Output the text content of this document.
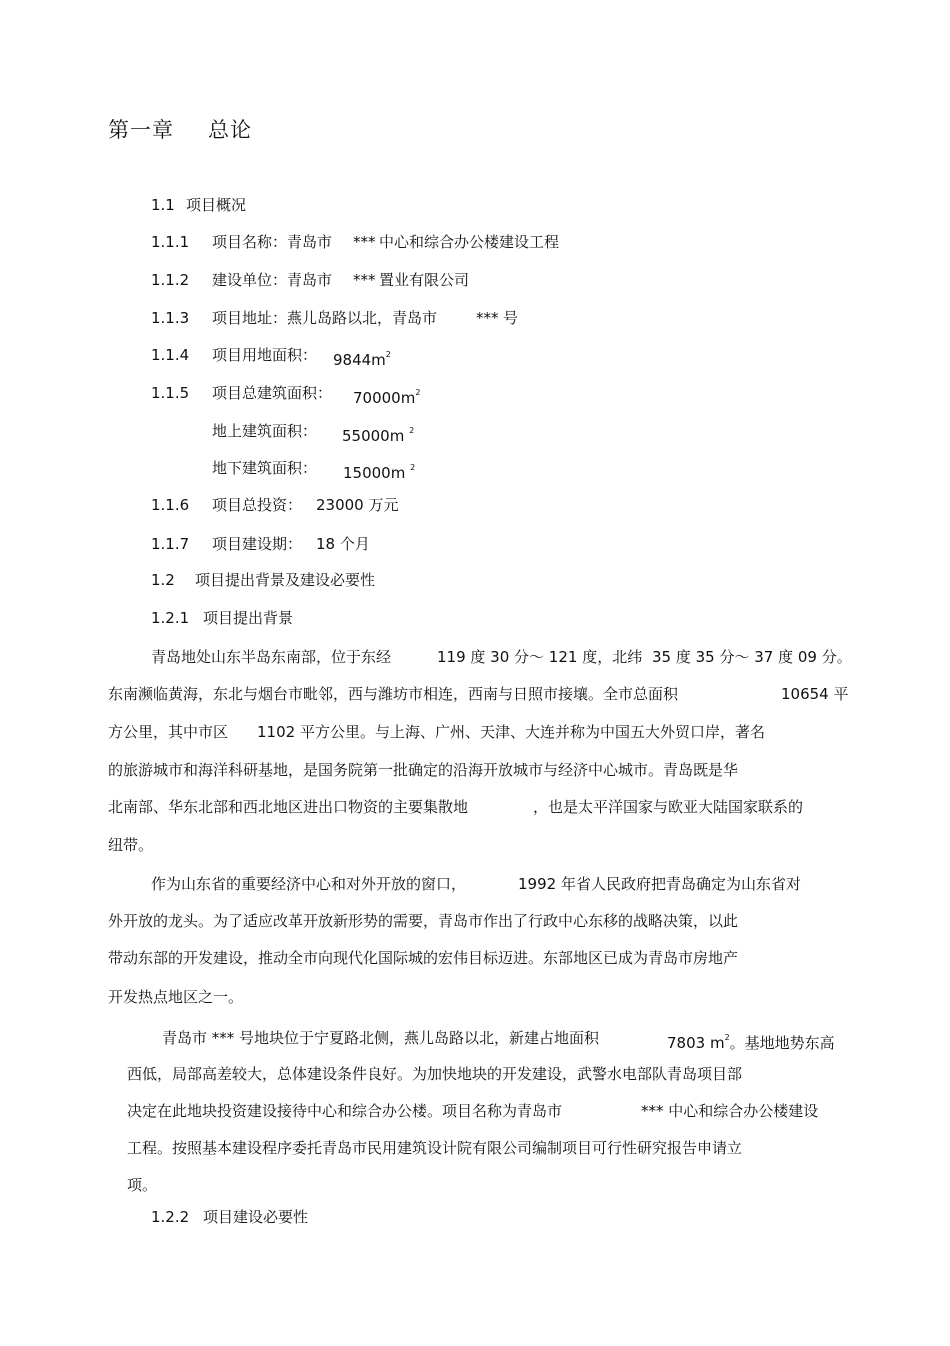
第一章 总论
1.1 项目概况
1.1.1 项目名称：青岛市 *** 中心和综合办公楼建设工程
1.1.2 建设单位：青岛市 *** 置业有限公司
1.1.3 项目地址：燕儿岛路以北，青岛市	*** 号
1.1.4 项目用地面积： $9844m^2$
1.1.5 项目总建筑面积： $70000m^2$
地上建筑面积： 55000m $^2$
地下建筑面积： 15000m $^2$
1.1.6 项目总投资： 23000 万元
1.1.7 项目建设期： 18 个月
1.2 项目提出背景及建设必要性
1.2.1 项目提出背景
青岛地处山东半岛东南部，位于东经	119 度 30 分～ 121 度，北纬 35 度 35 分～ 37 度 09 分。
东南濒临黄海，东北与烟台市毗邻，西与潍坊市相连，西南与日照市接壤。全市总面积	10654 平
方公里，其中市区 1102 平方公里。与上海、广州、天津、大连并称为中国五大外贸口岸，著名
的旅游城市和海洋科研基地，是国务院第一批确定的沿海开放城市与经济中心城市。青岛既是华
北南部、华东北部和西北地区进出口物资的主要集散地	，也是太平洋国家与欧亚大陆国家联系的
纽带。
作为山东省的重要经济中心和对外开放的窗口，	1992 年省人民政府把青岛确定为山东省对
外开放的龙头。为了适应改革开放新形势的需要，青岛市作出了行政中心东移的战略决策，以此
带动东部的开发建设，推动全市向现代化国际城的宏伟目标迈进。东部地区已成为青岛市房地产
开发热点地区之一。
青岛市 *** 号地块位于宁夏路北侧，燕儿岛路以北，新建占地面积	7803 $m^2$。基地地势东高
西低，局部高差较大，总体建设条件良好。为加快地块的开发建设，武警水电部队青岛项目部
决定在此地块投资建设接待中心和综合办公楼。项目名称为青岛市	*** 中心和综合办公楼建设
工程。按照基本建设程序委托青岛市民用建筑设计院有限公司编制项目可行性研究报告申请立
项。
1.2.2 项目建设必要性
